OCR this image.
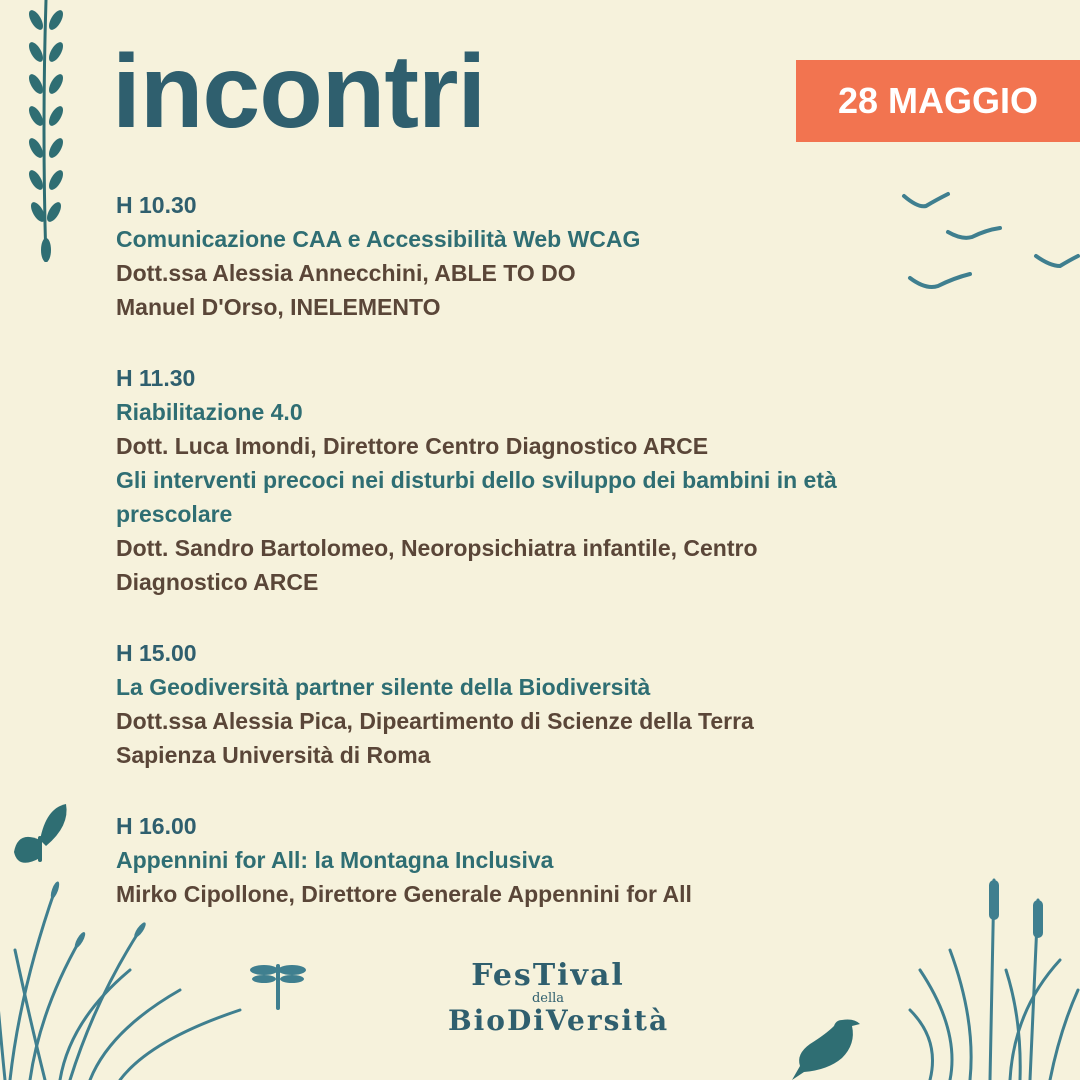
incontri	28 MAGGIO
H 10.30
Comunicazione CAA e Accessibilità Web WCAG
Dott.ssa Alessia Annecchini, ABLE TO DO
Manuel D'Orso, INELEMENTO
H 11.30
Riabilitazione 4.0
Dott. Luca Imondi, Direttore Centro Diagnostico ARCE
Gli interventi precoci nei disturbi dello sviluppo dei bambini in età
prescolare
Dott. Sandro Bartolomeo, Neoropsichiatra infantile, Centro
Diagnostico ARCE
H 15.00
La Geodiversità partner silente della Biodiversità
Dott.ssa Alessia Pica, Dipeartimento di Scienze della Terra
Sapienza Università di Roma
H 16.00
Appennini for All: la Montagna Inclusiva
Mirko Cipollone, Direttore Generale Appennini for All
FesTival
della
BioDiVersità
